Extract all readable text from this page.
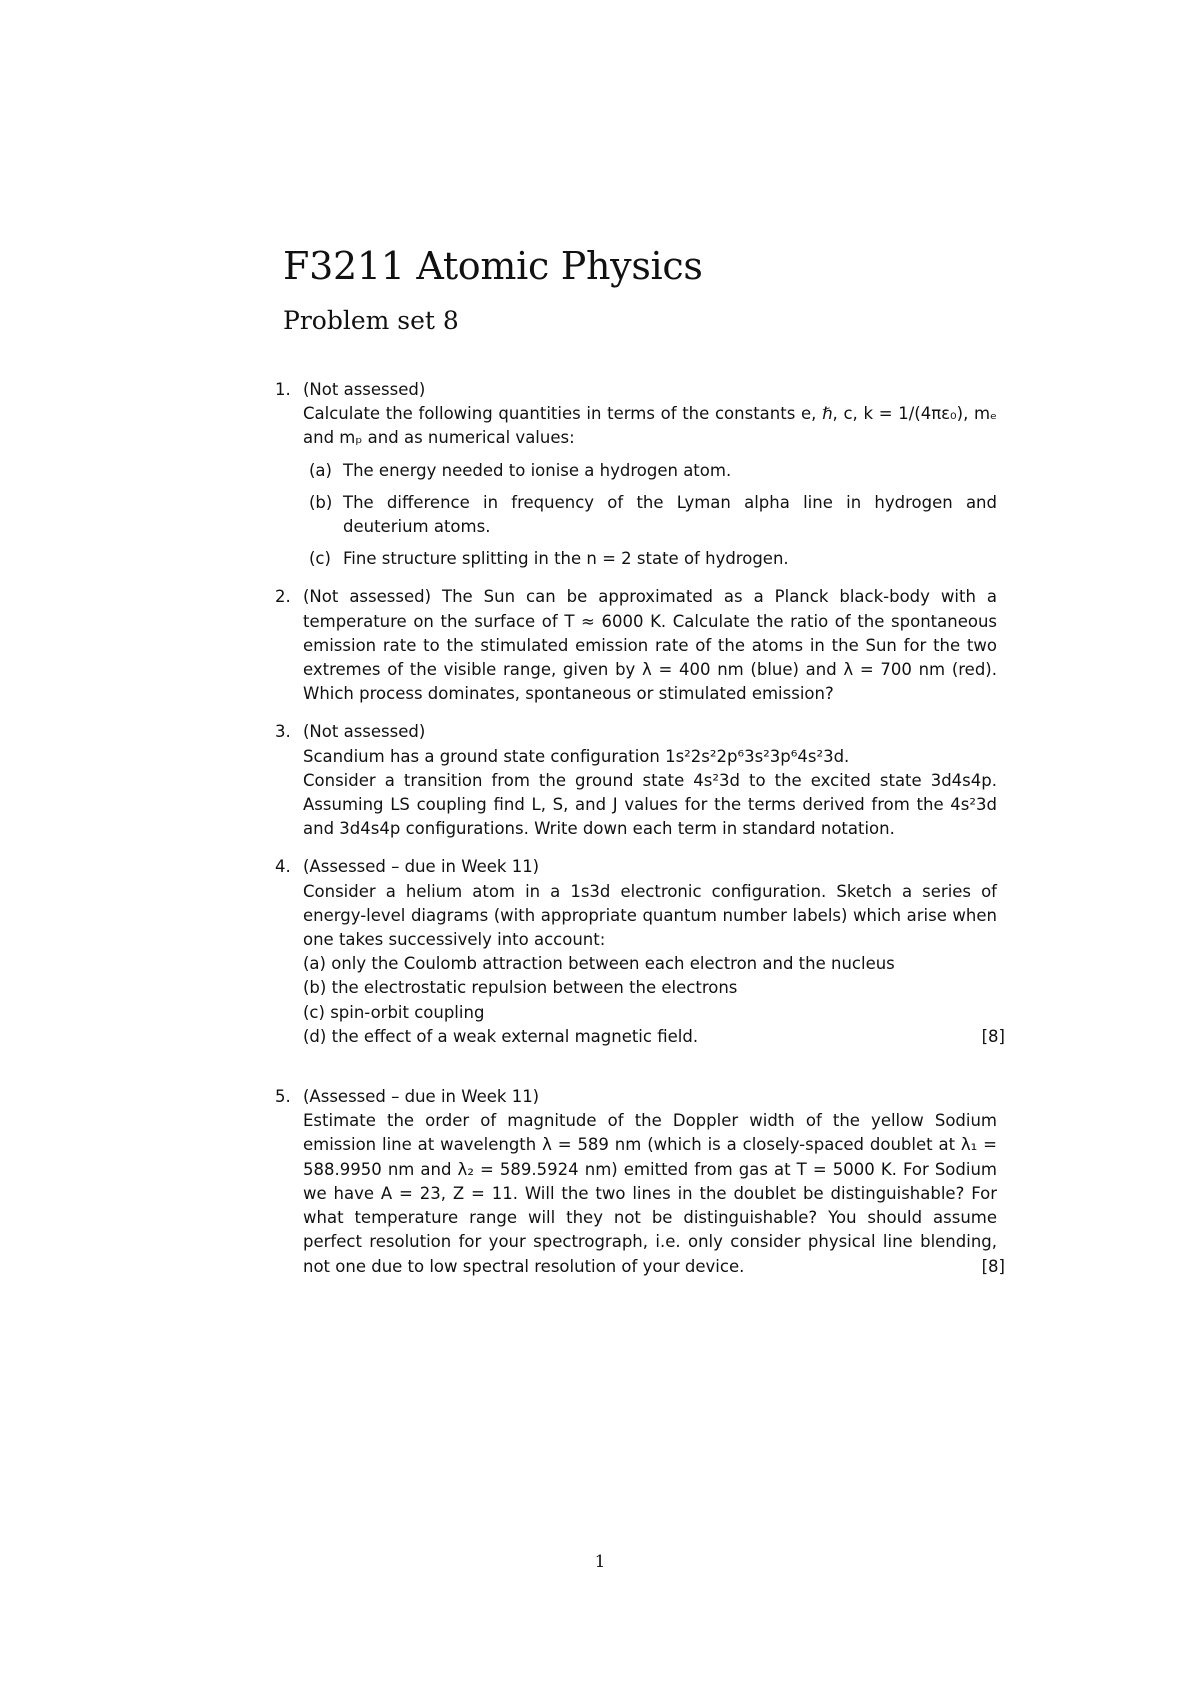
F3211 Atomic Physics
Problem set 8
1. (Not assessed)
Calculate the following quantities in terms of the constants e, ℏ, c, k = 1/(4πε₀), mₑ and mₚ and as numerical values:
(a) The energy needed to ionise a hydrogen atom.
(b) The difference in frequency of the Lyman alpha line in hydrogen and deuterium atoms.
(c) Fine structure splitting in the n = 2 state of hydrogen.
2. (Not assessed) The Sun can be approximated as a Planck black-body with a temperature on the surface of T ≈ 6000 K. Calculate the ratio of the spontaneous emission rate to the stimulated emission rate of the atoms in the Sun for the two extremes of the visible range, given by λ = 400 nm (blue) and λ = 700 nm (red). Which process dominates, spontaneous or stimulated emission?
3. (Not assessed)
Scandium has a ground state configuration 1s²2s²2p⁶3s²3p⁶4s²3d.
Consider a transition from the ground state 4s²3d to the excited state 3d4s4p. Assuming LS coupling find L, S, and J values for the terms derived from the 4s²3d and 3d4s4p configurations. Write down each term in standard notation.
4. (Assessed – due in Week 11)
Consider a helium atom in a 1s3d electronic configuration. Sketch a series of energy-level diagrams (with appropriate quantum number labels) which arise when one takes successively into account:
(a) only the Coulomb attraction between each electron and the nucleus
(b) the electrostatic repulsion between the electrons
(c) spin-orbit coupling
(d) the effect of a weak external magnetic field.	[8]
5. (Assessed – due in Week 11)
Estimate the order of magnitude of the Doppler width of the yellow Sodium emission line at wavelength λ = 589 nm (which is a closely-spaced doublet at λ₁ = 588.9950 nm and λ₂ = 589.5924 nm) emitted from gas at T = 5000 K. For Sodium we have A = 23, Z = 11. Will the two lines in the doublet be distinguishable? For what temperature range will they not be distinguishable? You should assume perfect resolution for your spectrograph, i.e. only consider physical line blending, not one due to low spectral resolution of your device.	[8]
1
